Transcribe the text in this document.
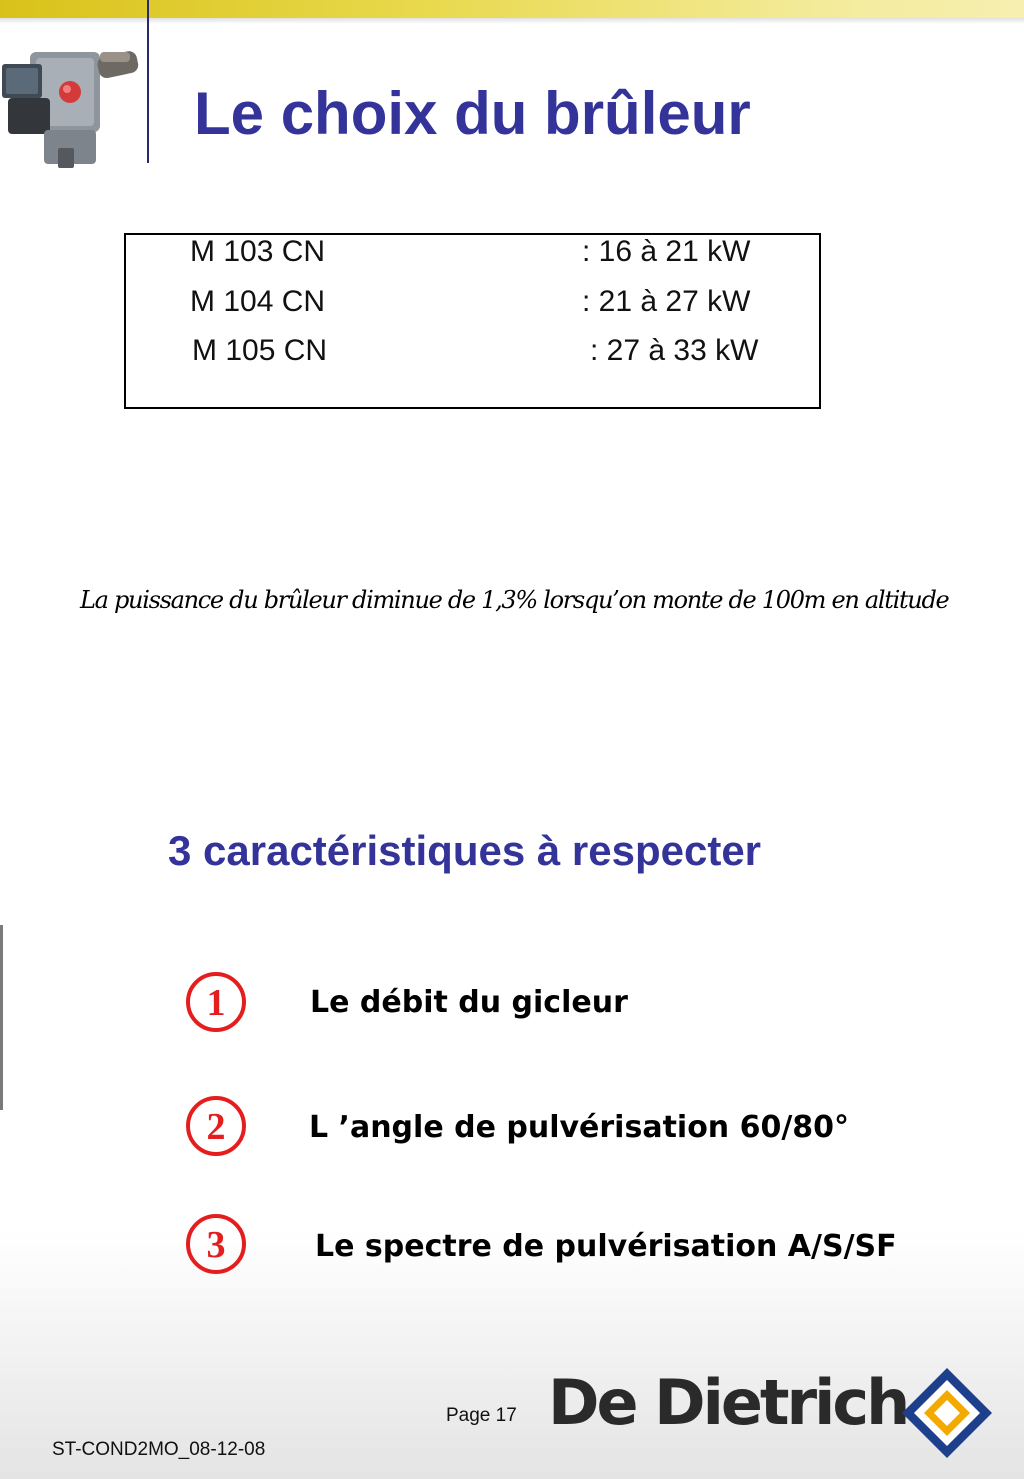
Le choix du brûleur
M 103 CN	: 16 à 21 kW
M 104 CN	: 21 à 27 kW
M 105 CN	: 27 à 33 kW
La puissance du brûleur diminue de 1,3% lorsqu’on monte de 100m en altitude
3 caractéristiques à respecter
1	Le débit du gicleur
2	L ’angle de pulvérisation 60/80°
3	Le spectre de pulvérisation A/S/SF
Page 17
ST-COND2MO_08-12-08
De Dietrich
